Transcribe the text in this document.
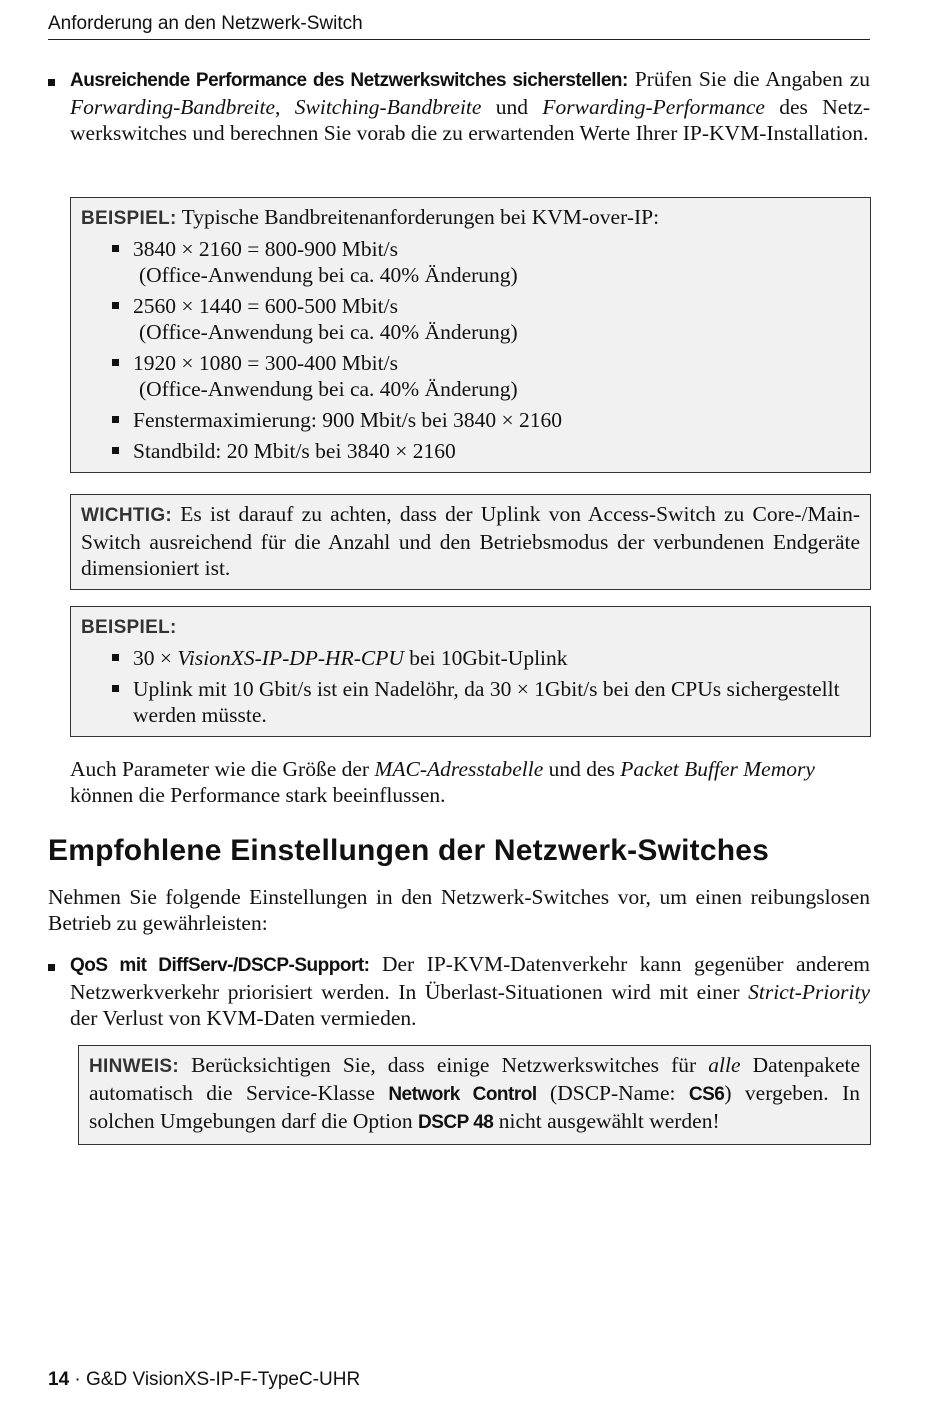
Anforderung an den Netzwerk-Switch
Ausreichende Performance des Netzwerkswitches sicherstellen: Prüfen Sie die Angaben zu Forwarding-Bandbreite, Switching-Bandbreite und Forwarding-Performance des Netzwerkswitches und berechnen Sie vorab die zu erwartenden Werte Ihrer IP-KVM-Installation.
BEISPIEL: Typische Bandbreitenanforderungen bei KVM-over-IP:
3840 × 2160 = 800-900 Mbit/s
(Office-Anwendung bei ca. 40% Änderung)
2560 × 1440 = 600-500 Mbit/s
(Office-Anwendung bei ca. 40% Änderung)
1920 × 1080 = 300-400 Mbit/s
(Office-Anwendung bei ca. 40% Änderung)
Fenstermaximierung: 900 Mbit/s bei 3840 × 2160
Standbild: 20 Mbit/s bei 3840 × 2160
WICHTIG: Es ist darauf zu achten, dass der Uplink von Access-Switch zu Core-/Main-Switch ausreichend für die Anzahl und den Betriebsmodus der verbundenen Endgeräte dimensioniert ist.
BEISPIEL:
30 × VisionXS-IP-DP-HR-CPU bei 10Gbit-Uplink
Uplink mit 10 Gbit/s ist ein Nadelöhr, da 30 × 1Gbit/s bei den CPUs sichergestellt werden müsste.
Auch Parameter wie die Größe der MAC-Adresstabelle und des Packet Buffer Memory können die Performance stark beeinflussen.
Empfohlene Einstellungen der Netzwerk-Switches
Nehmen Sie folgende Einstellungen in den Netzwerk-Switches vor, um einen reibungslosen Betrieb zu gewährleisten:
QoS mit DiffServ-/DSCP-Support: Der IP-KVM-Datenverkehr kann gegenüber anderem Netzwerkverkehr priorisiert werden. In Überlast-Situationen wird mit einer Strict-Priority der Verlust von KVM-Daten vermieden.
HINWEIS: Berücksichtigen Sie, dass einige Netzwerkswitches für alle Datenpakete automatisch die Service-Klasse Network Control (DSCP-Name: CS6) vergeben. In solchen Umgebungen darf die Option DSCP 48 nicht ausgewählt werden!
14 · G&D VisionXS-IP-F-TypeC-UHR
